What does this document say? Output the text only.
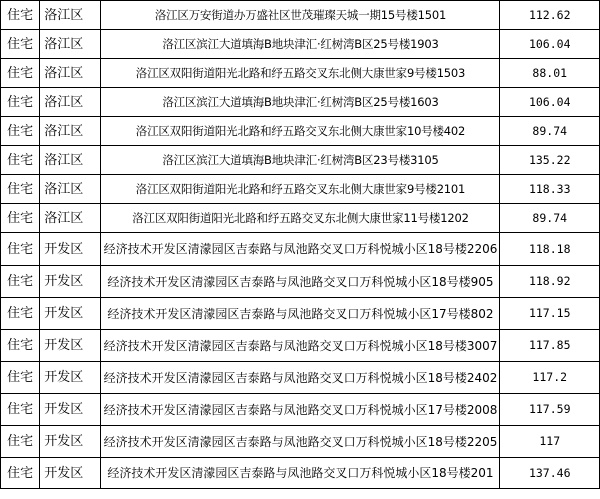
住宅	洛江区	洛江区万安街道办万盛社区世茂璀璨天城一期15号楼1501	112.62
住宅	洛江区	洛江区滨江大道填海B地块津汇·红树湾B区25号楼1903	106.04
住宅	洛江区	洛江区双阳街道阳光北路和纾五路交叉东北侧大康世家9号楼1503	88.01
住宅	洛江区	洛江区滨江大道填海B地块津汇·红树湾B区25号楼1603	106.04
住宅	洛江区	洛江区双阳街道阳光北路和纾五路交叉东北侧大康世家10号楼402	89.74
住宅	洛江区	洛江区滨江大道填海B地块津汇·红树湾B区23号楼3105	135.22
住宅	洛江区	洛江区双阳街道阳光北路和纾五路交叉东北侧大康世家9号楼2101	118.33
住宅	洛江区	洛江区双阳街道阳光北路和纾五路交叉东北侧大康世家11号楼1202	89.74
住宅	开发区	经济技术开发区清濛园区吉泰路与凤池路交叉口万科悦城小区18号楼2206	118.18
住宅	开发区	经济技术开发区清濛园区吉泰路与凤池路交叉口万科悦城小区18号楼905	118.92
住宅	开发区	经济技术开发区清濛园区吉泰路与凤池路交叉口万科悦城小区17号楼802	117.15
住宅	开发区	经济技术开发区清濛园区吉泰路与凤池路交叉口万科悦城小区18号楼3007	117.85
住宅	开发区	经济技术开发区清濛园区吉泰路与凤池路交叉口万科悦城小区18号楼2402	117.2
住宅	开发区	经济技术开发区清濛园区吉泰路与凤池路交叉口万科悦城小区17号楼2008	117.59
住宅	开发区	经济技术开发区清濛园区吉泰路与凤池路交叉口万科悦城小区18号楼2205	117
住宅	开发区	经济技术开发区清濛园区吉泰路与凤池路交叉口万科悦城小区18号楼201	137.46
